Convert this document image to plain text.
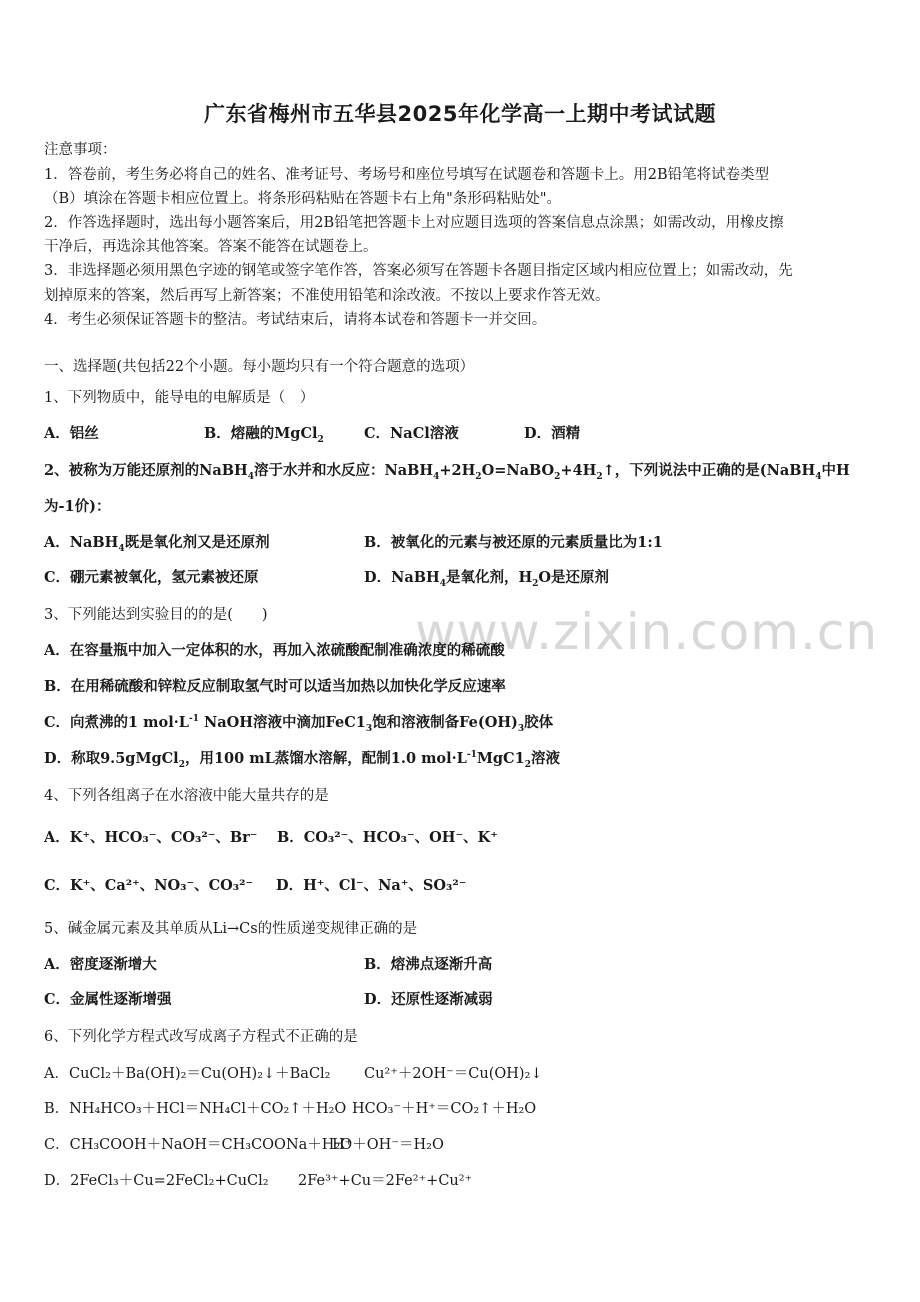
广东省梅州市五华县2025年化学高一上期中考试试题
注意事项：
1．答卷前，考生务必将自己的姓名、准考证号、考场号和座位号填写在试题卷和答题卡上。用2B铅笔将试卷类型
（B）填涂在答题卡相应位置上。将条形码粘贴在答题卡右上角"条形码粘贴处"。
2．作答选择题时，选出每小题答案后，用2B铅笔把答题卡上对应题目选项的答案信息点涂黑；如需改动，用橡皮擦
干净后，再选涂其他答案。答案不能答在试题卷上。
3．非选择题必须用黑色字迹的钢笔或签字笔作答，答案必须写在答题卡各题目指定区域内相应位置上；如需改动，先
划掉原来的答案，然后再写上新答案；不准使用铅笔和涂改液。不按以上要求作答无效。
4．考生必须保证答题卡的整洁。考试结束后，请将本试卷和答题卡一并交回。
一、选择题(共包括22个小题。每小题均只有一个符合题意的选项）
1、下列物质中，能导电的电解质是（　）
A．铝丝	B．熔融的MgCl$_2$	C．NaCl溶液	D．酒精
2、被称为万能还原剂的NaBH$_4$溶于水并和水反应：$NaBH_4+2H_2O=NaBO_2+4H_2↑$，下列说法中正确的是(NaBH$_4$中H
为-1价)：
A．NaBH$_4$既是氧化剂又是还原剂	B．被氧化的元素与被还原的元素质量比为1:1
C．硼元素被氧化，氢元素被还原	D．NaBH$_4$是氧化剂，$H_2O$是还原剂
www.zixin.com.cn
3、下列能达到实验目的的是(　　)
A．在容量瓶中加入一定体积的水，再加入浓硫酸配制准确浓度的稀硫酸
B．在用稀硫酸和锌粒反应制取氢气时可以适当加热以加快化学反应速率
C．向煮沸的1 $mol\cdot L^{-1}$ NaOH溶液中滴加$FeC1_3$饱和溶液制备$Fe(OH)_3$胶体
D．称取9.5gMgCl$_2$，用100 mL蒸馏水溶解，配制1.0 $mol\cdot L^{-1}MgC1_2$溶液
4、下列各组离子在水溶液中能大量共存的是
A．K⁺、HCO₃⁻、CO₃²⁻、Br⁻ B．CO₃²⁻、HCO₃⁻、OH⁻、K⁺
C．K⁺、Ca²⁺、NO₃⁻、CO₃²⁻ D．H⁺、Cl⁻、Na⁺、SO₃²⁻
5、碱金属元素及其单质从Li→Cs的性质递变规律正确的是
A．密度逐渐增大	B．熔沸点逐渐升高
C．金属性逐渐增强	D．还原性逐渐减弱
6、下列化学方程式改写成离子方程式不正确的是
A．CuCl₂＋Ba(OH)₂＝Cu(OH)₂↓＋BaCl₂ Cu²⁺＋2OH⁻＝Cu(OH)₂↓
B．NH₄HCO₃＋HCl＝NH₄Cl＋CO₂↑＋H₂O HCO₃⁻＋H⁺＝CO₂↑＋H₂O
C．CH₃COOH＋NaOH＝CH₃COONa＋H₂O
H⁺＋OH⁻＝H₂O
D．2FeCl₃＋Cu=2FeCl₂+CuCl₂ 2Fe³⁺+Cu＝2Fe²⁺+Cu²⁺
